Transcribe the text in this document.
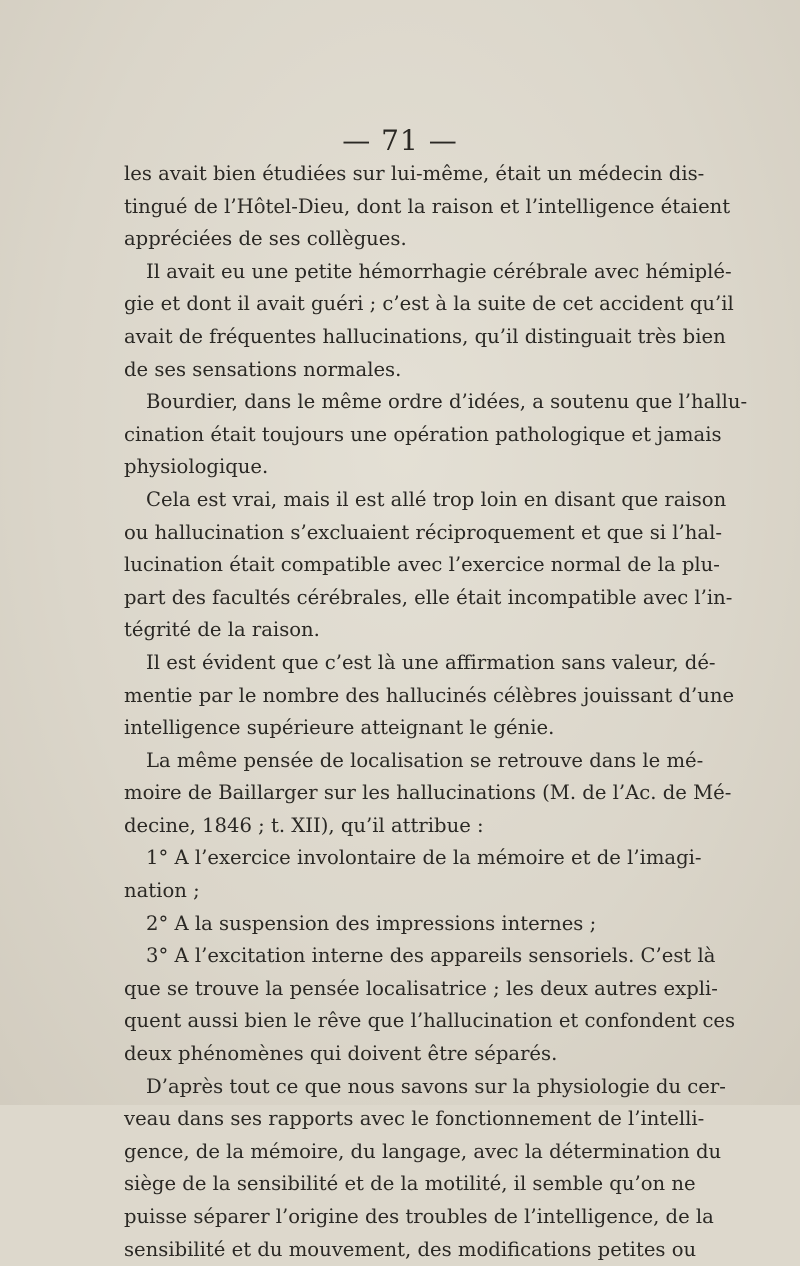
— 71 —
les avait bien étudiées sur lui-même, était un médecin dis-
tingué de l’Hôtel-Dieu, dont la raison et l’intelligence étaient
appréciées de ses collègues.
Il avait eu une petite hémorrhagie cérébrale avec hémiplé-
gie et dont il avait guéri ; c’est à la suite de cet accident qu’il
avait de fréquentes hallucinations, qu’il distinguait très bien
de ses sensations normales.
Bourdier, dans le même ordre d’idées, a soutenu que l’hallu-
cination était toujours une opération pathologique et jamais
physiologique.
Cela est vrai, mais il est allé trop loin en disant que raison
ou hallucination s’excluaient réciproquement et que si l’hal-
lucination était compatible avec l’exercice normal de la plu-
part des facultés cérébrales, elle était incompatible avec l’in-
tégrité de la raison.
Il est évident que c’est là une affirmation sans valeur, dé-
mentie par le nombre des hallucinés célèbres jouissant d’une
intelligence supérieure atteignant le génie.
La même pensée de localisation se retrouve dans le mé-
moire de Baillarger sur les hallucinations (M. de l’Ac. de Mé-
decine, 1846 ; t. XII), qu’il attribue :
1° A l’exercice involontaire de la mémoire et de l’imagi-
nation ;
2° A la suspension des impressions internes ;
3° A l’excitation interne des appareils sensoriels. C’est là
que se trouve la pensée localisatrice ; les deux autres expli-
quent aussi bien le rêve que l’hallucination et confondent ces
deux phénomènes qui doivent être séparés.
D’après tout ce que nous savons sur la physiologie du cer-
veau dans ses rapports avec le fonctionnement de l’intelli-
gence, de la mémoire, du langage, avec la détermination du
siège de la sensibilité et de la motilité, il semble qu’on ne
puisse séparer l’origine des troubles de l’intelligence, de la
sensibilité et du mouvement, des modifications petites ou
